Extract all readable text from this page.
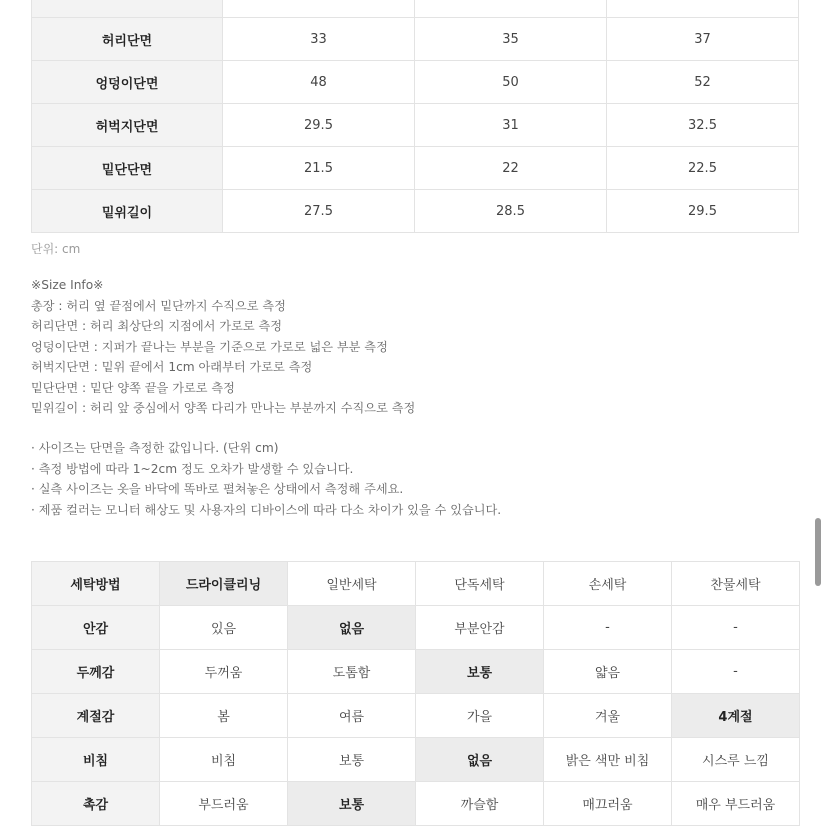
허리단면	33	35	37
엉덩이단면	48	50	52
허벅지단면	29.5	31	32.5
밑단단면	21.5	22	22.5
밑위길이	27.5	28.5	29.5
단위: cm
※Size Info※
총장 : 허리 옆 끝점에서 밑단까지 수직으로 측정
허리단면 : 허리 최상단의 지점에서 가로로 측정
엉덩이단면 : 지퍼가 끝나는 부분을 기준으로 가로로 넓은 부분 측정
허벅지단면 : 밑위 끝에서 1cm 아래부터 가로로 측정
밑단단면 : 밑단 양쪽 끝을 가로로 측정
밑위길이 : 허리 앞 중심에서 양쪽 다리가 만나는 부분까지 수직으로 측정
· 사이즈는 단면을 측정한 값입니다. (단위 cm)
· 측정 방법에 따라 1~2cm 정도 오차가 발생할 수 있습니다.
· 실측 사이즈는 옷을 바닥에 똑바로 펼쳐놓은 상태에서 측정해 주세요.
· 제품 컬러는 모니터 해상도 및 사용자의 디바이스에 따라 다소 차이가 있을 수 있습니다.
세탁방법	드라이클리닝	일반세탁	단독세탁	손세탁	찬물세탁
안감	있음	없음	부분안감	-	-
두께감	두꺼움	도톰함	보통	얇음	-
계절감	봄	여름	가을	겨울	4계절
비침	비침	보통	없음	밝은 색만 비침	시스루 느낌
촉감	부드러움	보통	까슬함	매끄러움	매우 부드러움
